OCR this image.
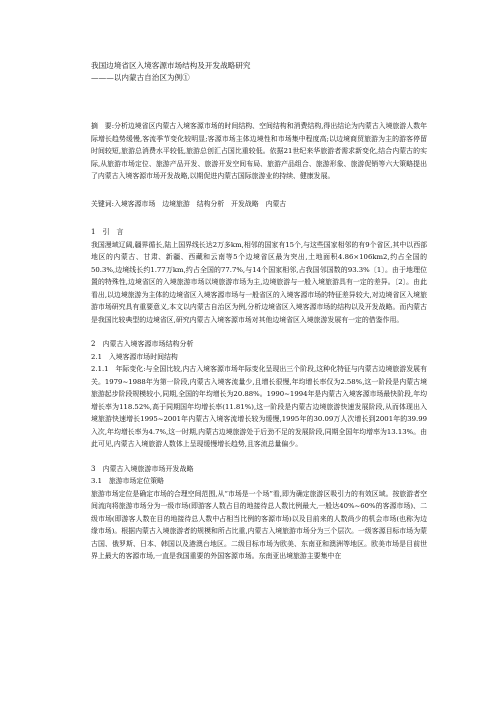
我国边境省区入境客源市场结构及开发战略研究

———以内蒙古自治区为例①

摘　要:分析边境省区内蒙古入境客源市场的时间结构、空间结构和消费结构,得出结论为内蒙古入境旅游人数年际增长趋势缓慢,客流季节变化较明显;客源市场主体边境性和市场集中程度高;以边境商贸旅游为主的游客停留时间较短,旅游总消费水平较低,旅游总创汇占国比重较低。依据21世纪来华旅游者需求新变化,结合内蒙古的实际,从旅游市场定位、旅游产品开发、旅游开发空间布局、旅游产品组合、旅游形象、旅游促销等六大策略提出了内蒙古入境客源市场开发战略,以期促进内蒙古国际旅游业的持续、健康发展。

关键词:入境客源市场　边境旅游　结构分析　开发战略　内蒙古

1　引　言

我国漫域辽阔,疆界循长,陆上国界线长达2万多km,相邻的国家有15个,与这些国家相邻的有9个省区,其中以西部地区的内蒙古、甘肃、新疆、西藏和云南等5个边境省区最为突出,土地面积4.86×106km2,约占全国的50.3%,边境线长约1.77万km,约占全国的77.7%,与14个国家相邻,占我国邻国数的93.3%〔1〕。由于地理位置的特殊性,边境省区的入境旅游市场以境旅游市场为主,边境旅游与一般入境旅游具有一定的差异。〔2〕。由此看出,以边境旅游为主体的边境省区入境客源市场与一般省区的入境客源市场的特征差异较大,对边境省区入境旅游市场研究具有重要意义,本文以内蒙古自治区为例,分析边境省区入境客源市场的结构以及开发战略。而内蒙古是我国比较典型的边境省区,研究内蒙古入境客源市场对其他边境省区入境旅游发展有一定的借鉴作用。

2　内蒙古入境客源市场结构分析

2.1　入境客源市场时间结构

2.1.1　年际变化:与全国比较,内古入境客源市场年际变化呈现出三个阶段,这种化特征与内蒙古边境旅游发展有关。1979~1988年为第一阶段,内蒙古入境客流量少,且增长很慢,年均增长率仅为2.58%,这一阶段是内蒙古境旅游起步阶段规模较小,同期,全国的年均增长为20.88%。1990~1994年是内蒙古入境客源市场最快阶段,年均增长率为118.52%,高于同期国年均增长率(11.81%),这一阶段是内蒙古边境旅游快速发展阶段,从而体现出入境旅游快速增长1995~2001年内蒙古入境客流增长较为缓慢,1995年的30.09万人次增长到2001年的39.99入次,年均增长率为4.7%,这一时期,内蒙古边境旅游处于后劲不足的发展阶段,同期全国年均增率为13.13%。由此可见,内蒙古入境旅游人数体上呈现缓慢增长趋势,且客流总量偏少。

3　内蒙古入境旅游市场开发战略

3.1　旅游市场定位策略

旅游市场定位是确定市场的合理空间范围,从“市场是一个场”看,即为确定旅游区吸引力的有效区域。按旅游者空间流向将旅游市场分为一级市场(即游客人数占目的地接待总人数比例最大,一般达40%~60%的客源市场)、二级市场(即游客人数在目的地接待总人数中占相当比例的客源市场)以及目前来的人数尚少的机会市场(也称为边缘市场)。根据内蒙古入境旅游者的规模和所占比重,内蒙古入境旅游市场分为三个层次。一级客源目标市场为蒙古国、俄罗斯、日本、韩国以及港澳台地区。二级目标市场为欧美、东南亚和澳洲等地区。欧美市场是目前世界上最大的客源市场,一直是我国重要的外国客源市场。东南亚出境旅游主要集中在
